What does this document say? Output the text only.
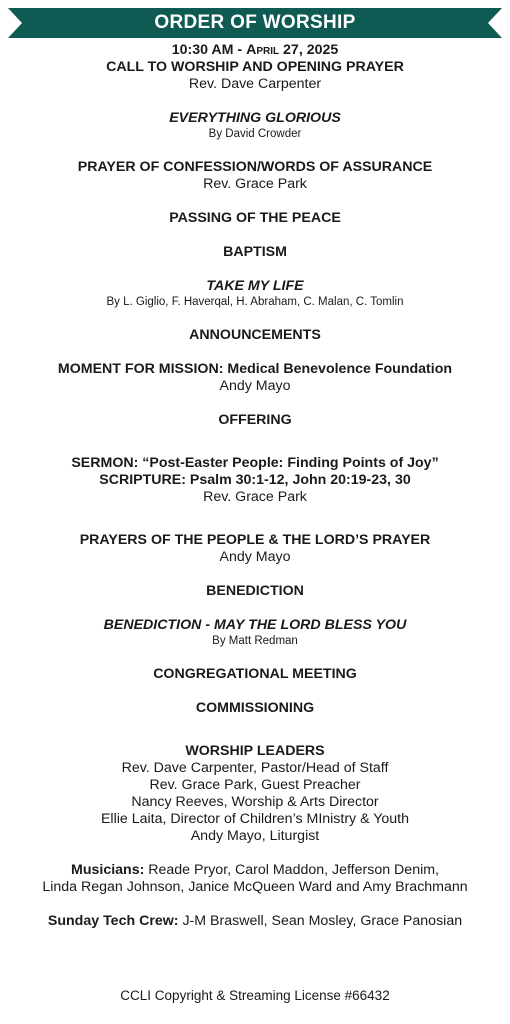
ORDER OF WORSHIP
10:30 AM - April 27, 2025
CALL TO WORSHIP AND OPENING PRAYER
Rev. Dave Carpenter
EVERYTHING GLORIOUS
By David Crowder
PRAYER OF CONFESSION/WORDS OF ASSURANCE
Rev. Grace Park
PASSING OF THE PEACE
BAPTISM
TAKE MY LIFE
By L. Giglio, F. Haverqal, H. Abraham, C. Malan, C. Tomlin
ANNOUNCEMENTS
MOMENT FOR MISSION: Medical Benevolence Foundation
Andy Mayo
OFFERING
SERMON: “Post-Easter People: Finding Points of Joy”
SCRIPTURE: Psalm 30:1-12, John 20:19-23, 30
Rev. Grace Park
PRAYERS OF THE PEOPLE & THE LORD’S PRAYER
Andy Mayo
BENEDICTION
BENEDICTION - MAY THE LORD BLESS YOU
By Matt Redman
CONGREGATIONAL MEETING
COMMISSIONING
WORSHIP LEADERS
Rev. Dave Carpenter, Pastor/Head of Staff
Rev. Grace Park, Guest Preacher
Nancy Reeves, Worship & Arts Director
Ellie Laita, Director of Children’s MInistry & Youth
Andy Mayo, Liturgist
Musicians: Reade Pryor, Carol Maddon, Jefferson Denim,
Linda Regan Johnson, Janice McQueen Ward and Amy Brachmann
Sunday Tech Crew: J-M Braswell, Sean Mosley, Grace Panosian
CCLI Copyright & Streaming License #66432
